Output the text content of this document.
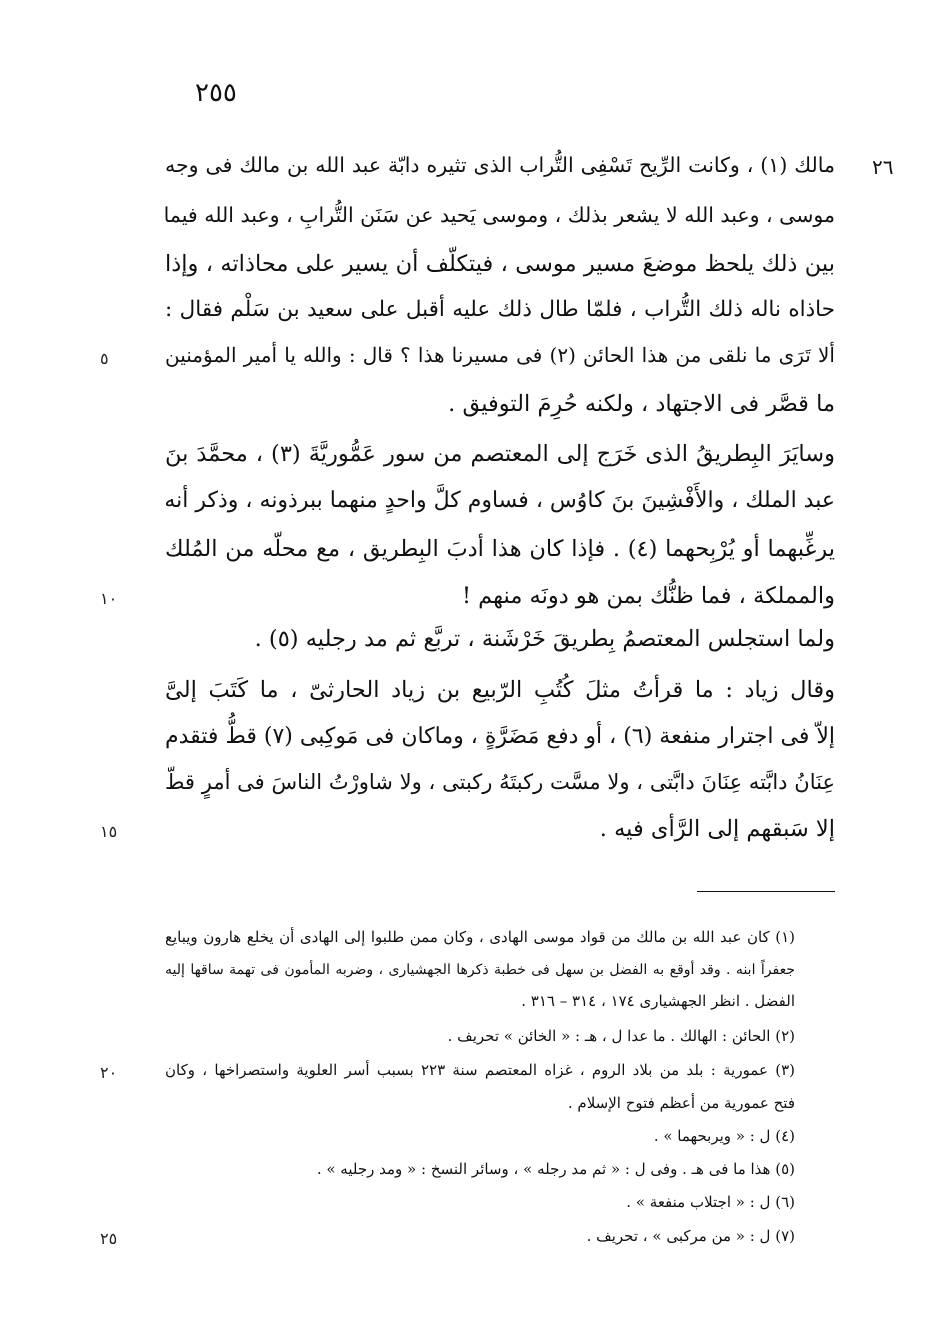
٢٥٥
٢٦
مالك (١) ، وكانت الرِّيح تَسْفِى التُّراب الذى تثيره دابّة عبد الله بن مالك فى وجه
موسى ، وعبد الله لا يشعر بذلك ، وموسى يَحيد عن سَنَن التُّرابِ ، وعبد الله فيما
بين ذلك يلحظ موضعَ مسير موسى ، فيتكلّف أن يسير على محاذاته ، وإذا
حاذاه ناله ذلك التُّراب ، فلمّا طال ذلك عليه أقبل على سعيد بن سَلْم فقال :
ألا تَرَى ما نلقى من هذا الحائن (٢) فى مسيرنا هذا ؟ قال : والله يا أمير المؤمنين
ما قصَّر فى الاجتهاد ، ولكنه حُرِمَ التوفيق .
وسايَرَ البِطريقُ الذى خَرَج إلى المعتصم من سور عَمُّوريَّةَ (٣) ، محمَّدَ بنَ
عبد الملك ، والأَفْشِينَ بنَ كاوُس ، فساوم كلَّ واحدٍ منهما ببرذونه ، وذكر أنه
يرغِّبهما أو يُرْبِحهما (٤) . فإذا كان هذا أدبَ البِطريق ، مع محلّه من المُلك
والمملكة ، فما ظنُّك بمن هو دونَه منهم !
ولما استجلس المعتصمُ بِطريقَ خَرْشَنة ، تربَّع ثم مد رجليه (٥) .
وقال زياد : ما قرأتُ مثلَ كُتُبِ الرّبيع بن زياد الحارثىّ ، ما كَتَبَ إلىَّ
إلاّ فى اجترار منفعة (٦) ، أو دفع مَضَرَّةٍ ، وماكان فى مَوكِبى (٧) قطُّ فتقدم
عِنَانُ دابَّته عِنَانَ دابَّتى ، ولا مسَّت ركبتَهُ ركبتى ، ولا شاورْتُ الناسَ فى أمرٍ قطّ
إلا سَبقهم إلى الرَّأى فيه .
٥
١٠
١٥
٢٠
٢٥
(١) كان عبد الله بن مالك من قواد موسى الهادى ، وكان ممن طلبوا إلى الهادى أن يخلع هارون ويبايع
جعفراً ابنه . وقد أوقع به الفضل بن سهل فى خطبة ذكرها الجهشيارى ، وضربه المأمون فى تهمة ساقها إليه
الفضل . انظر الجهشيارى ١٧٤ ، ٣١٤ – ٣١٦ .
(٢) الحائن : الهالك . ما عدا ل ، هـ : « الخائن » تحريف .
(٣) عمورية : بلد من بلاد الروم ، غزاه المعتصم سنة ٢٢٣ بسبب أسر العلوية واستصراخها ، وكان
فتح عمورية من أعظم فتوح الإسلام .
(٤) ل : « ويربحهما » .
(٥) هذا ما فى هـ . وفى ل : « ثم مد رجله » ، وسائر النسخ : « ومد رجليه » .
(٦) ل : « اجتلاب منفعة » .
(٧) ل : « من مركبى » ، تحريف .
